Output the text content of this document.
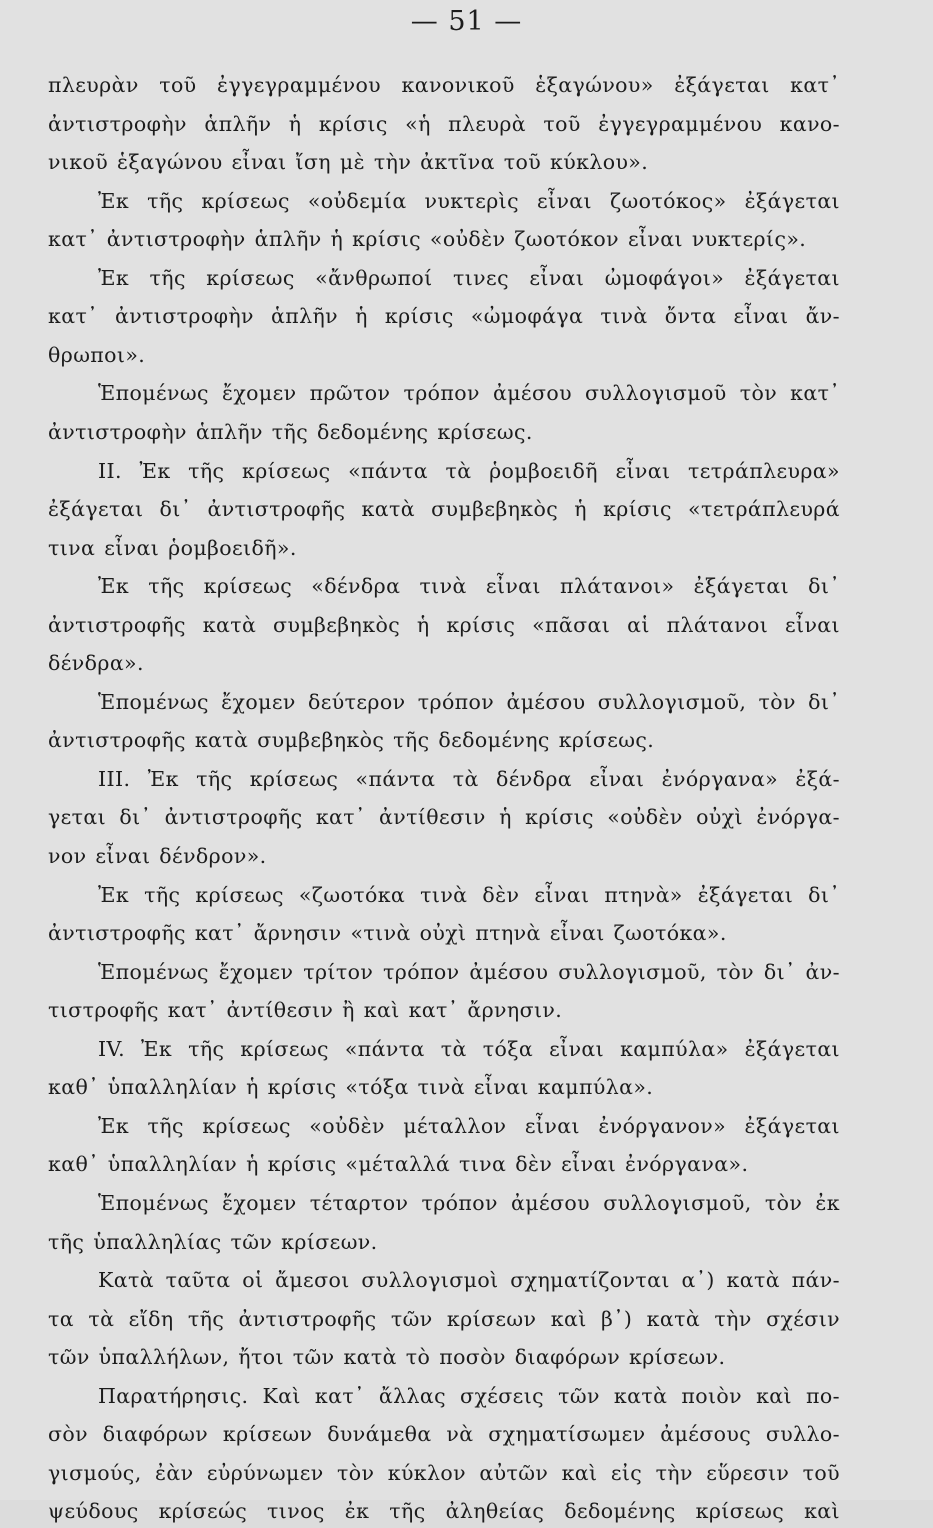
— 51 —
πλευρὰν τοῦ ἐγγεγραμμένου κανονικοῦ ἑξαγώνου» ἐξάγεται κατ᾽
ἀντιστροφὴν ἁπλῆν ἡ κρίσις «ἡ πλευρὰ τοῦ ἐγγεγραμμένου κανο-
νικοῦ ἑξαγώνου εἶναι ἴση μὲ τὴν ἀκτῖνα τοῦ κύκλου».
Ἐκ τῆς κρίσεως «οὐδεμία νυκτερὶς εἶναι ζωοτόκος» ἐξάγεται
κατ᾽ ἀντιστροφὴν ἁπλῆν ἡ κρίσις «οὐδὲν ζωοτόκον εἶναι νυκτερίς».
Ἐκ τῆς κρίσεως «ἄνθρωποί τινες εἶναι ὠμοφάγοι» ἐξάγεται
κατ᾽ ἀντιστροφὴν ἁπλῆν ἡ κρίσις «ὠμοφάγα τινὰ ὄντα εἶναι ἄν-
θρωποι».
Ἑπομένως ἔχομεν πρῶτον τρόπον ἀμέσου συλλογισμοῦ τὸν κατ᾽
ἀντιστροφὴν ἁπλῆν τῆς δεδομένης κρίσεως.
II. Ἐκ τῆς κρίσεως «πάντα τὰ ῥομβοειδῆ εἶναι τετράπλευρα»
ἐξάγεται δι᾽ ἀντιστροφῆς κατὰ συμβεβηκὸς ἡ κρίσις «τετράπλευρά
τινα εἶναι ῥομβοειδῆ».
Ἐκ τῆς κρίσεως «δένδρα τινὰ εἶναι πλάτανοι» ἐξάγεται δι᾽
ἀντιστροφῆς κατὰ συμβεβηκὸς ἡ κρίσις «πᾶσαι αἱ πλάτανοι εἶναι
δένδρα».
Ἑπομένως ἔχομεν δεύτερον τρόπον ἀμέσου συλλογισμοῦ, τὸν δι᾽
ἀντιστροφῆς κατὰ συμβεβηκὸς τῆς δεδομένης κρίσεως.
III. Ἐκ τῆς κρίσεως «πάντα τὰ δένδρα εἶναι ἐνόργανα» ἐξά-
γεται δι᾽ ἀντιστροφῆς κατ᾽ ἀντίθεσιν ἡ κρίσις «οὐδὲν οὐχὶ ἐνόργα-
νον εἶναι δένδρον».
Ἐκ τῆς κρίσεως «ζωοτόκα τινὰ δὲν εἶναι πτηνὰ» ἐξάγεται δι᾽
ἀντιστροφῆς κατ᾽ ἄρνησιν «τινὰ οὐχὶ πτηνὰ εἶναι ζωοτόκα».
Ἑπομένως ἔχομεν τρίτον τρόπον ἀμέσου συλλογισμοῦ, τὸν δι᾽ ἀν-
τιστροφῆς κατ᾽ ἀντίθεσιν ἢ καὶ κατ᾽ ἄρνησιν.
IV. Ἐκ τῆς κρίσεως «πάντα τὰ τόξα εἶναι καμπύλα» ἐξάγεται
καθ᾽ ὑπαλληλίαν ἡ κρίσις «τόξα τινὰ εἶναι καμπύλα».
Ἐκ τῆς κρίσεως «οὐδὲν μέταλλον εἶναι ἐνόργανον» ἐξάγεται
καθ᾽ ὑπαλληλίαν ἡ κρίσις «μέταλλά τινα δὲν εἶναι ἐνόργανα».
Ἑπομένως ἔχομεν τέταρτον τρόπον ἀμέσου συλλογισμοῦ, τὸν ἐκ
τῆς ὑπαλληλίας τῶν κρίσεων.
Κατὰ ταῦτα οἱ ἄμεσοι συλλογισμοὶ σχηματίζονται α᾽) κατὰ πάν-
τα τὰ εἴδη τῆς ἀντιστροφῆς τῶν κρίσεων καὶ β᾽) κατὰ τὴν σχέσιν
τῶν ὑπαλλήλων, ἤτοι τῶν κατὰ τὸ ποσὸν διαφόρων κρίσεων.
Παρατήρησις. Καὶ κατ᾽ ἄλλας σχέσεις τῶν κατὰ ποιὸν καὶ πο-
σὸν διαφόρων κρίσεων δυνάμεθα νὰ σχηματίσωμεν ἀμέσους συλλο-
γισμούς, ἐὰν εὐρύνωμεν τὸν κύκλον αὐτῶν καὶ εἰς τὴν εὕρεσιν τοῦ
ψεύδους κρίσεώς τινος ἐκ τῆς ἀληθείας δεδομένης κρίσεως καὶ
